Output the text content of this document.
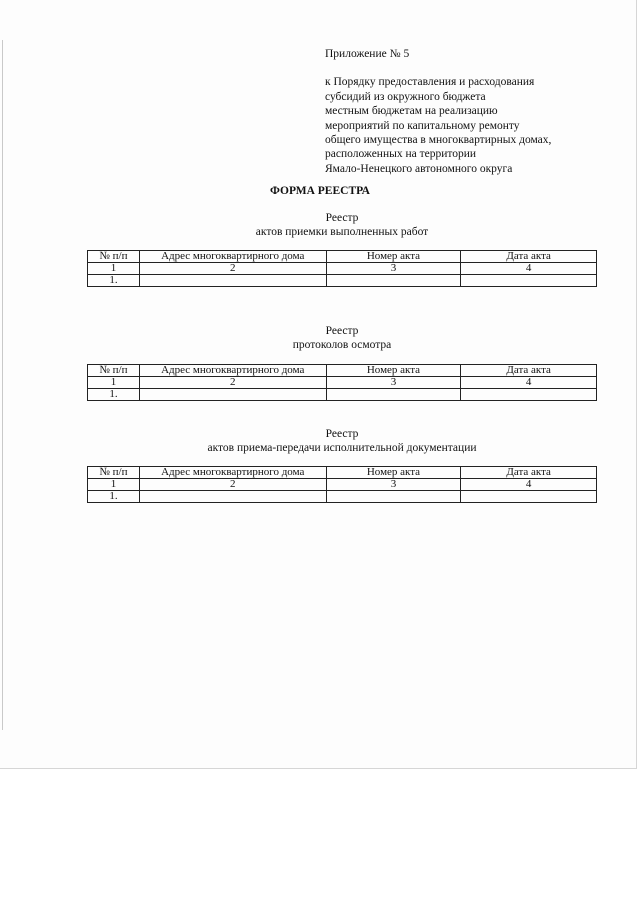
Приложение № 5
к Порядку предоставления и расходования
субсидий из окружного бюджета
местным бюджетам на реализацию
мероприятий по капитальному ремонту
общего имущества в многоквартирных домах,
расположенных на территории
Ямало-Ненецкого автономного округа
ФОРМА РЕЕСТРА
Реестр
актов приемки выполненных работ
№ п/п	Адрес многоквартирного дома	Номер акта	Дата акта
1	2	3	4
1.			
Реестр
протоколов осмотра
№ п/п	Адрес многоквартирного дома	Номер акта	Дата акта
1	2	3	4
1.			
Реестр
актов приема-передачи исполнительной документации
№ п/п	Адрес многоквартирного дома	Номер акта	Дата акта
1	2	3	4
1.			
